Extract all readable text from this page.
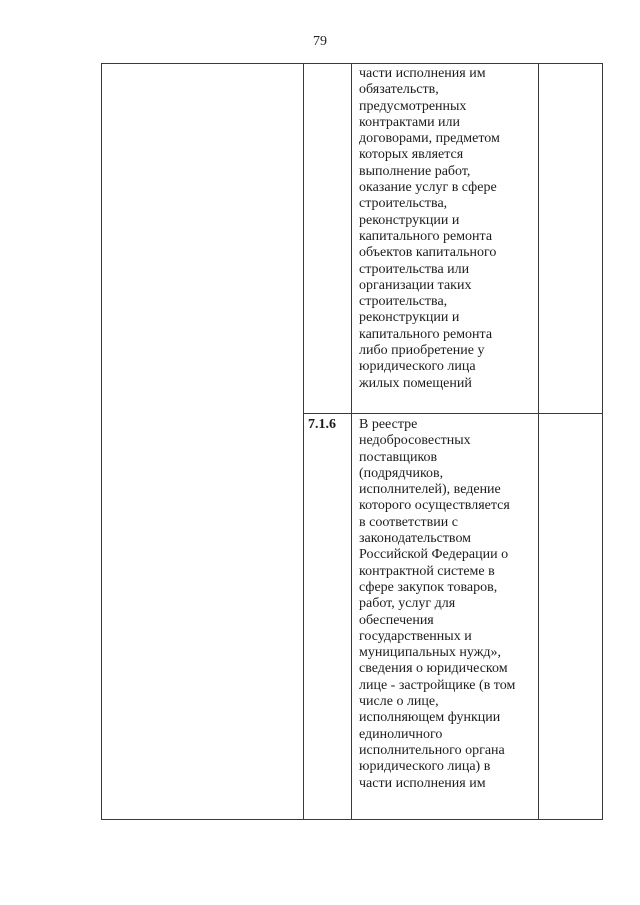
79
части исполнения им
обязательств,
предусмотренных
контрактами или
договорами, предметом
которых является
выполнение работ,
оказание услуг в сфере
строительства,
реконструкции и
капитального ремонта
объектов капитального
строительства или
организации таких
строительства,
реконструкции и
капитального ремонта
либо приобретение у
юридического лица
жилых помещений
7.1.6 В реестре
недобросовестных
поставщиков
(подрядчиков,
исполнителей), ведение
которого осуществляется
в соответствии с
законодательством
Российской Федерации о
контрактной системе в
сфере закупок товаров,
работ, услуг для
обеспечения
государственных и
муниципальных нужд»,
сведения о юридическом
лице - застройщике (в том
числе о лице,
исполняющем функции
единоличного
исполнительного органа
юридического лица) в
части исполнения им
